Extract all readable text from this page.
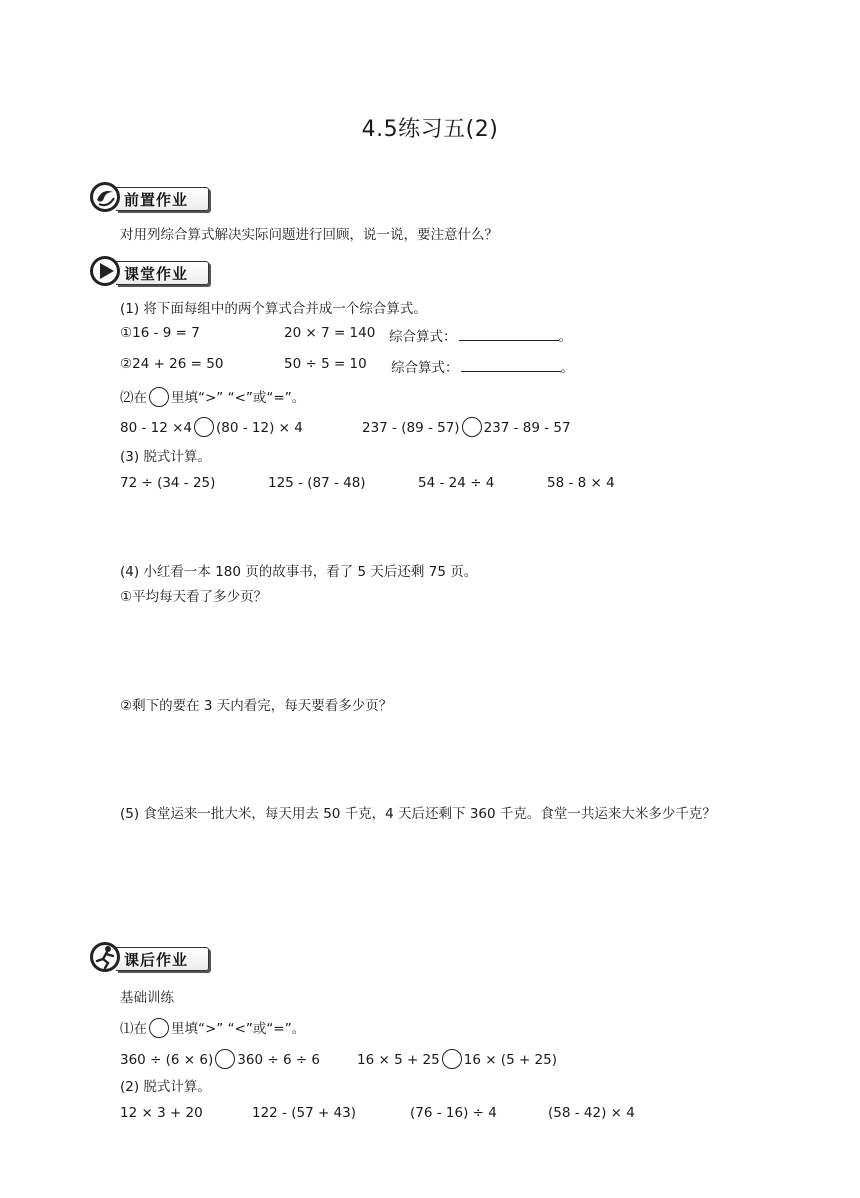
4.5练习五(2)
前置作业
对用列综合算式解决实际问题进行回顾，说一说，要注意什么？
课堂作业
(1) 将下面每组中的两个算式合并成一个综合算式。
①16 - 9 = 7	20 × 7 = 140 综合算式：	。
②24 + 26 = 50	50 ÷ 5 = 10 综合算式：	。
⑵在 里填“>” “<”或“=”。
80 - 12 ×4 (80 - 12) × 4	237 - (89 - 57) 237 - 89 - 57
(3) 脱式计算。
72 ÷ (34 - 25)	125 - (87 - 48)	54 - 24 ÷ 4	58 - 8 × 4
(4) 小红看一本 180 页的故事书，看了 5 天后还剩 75 页。
①平均每天看了多少页？
②剩下的要在 3 天内看完，每天要看多少页？
(5) 食堂运来一批大米，每天用去 50 千克，4 天后还剩下 360 千克。食堂一共运来大米多少千克？
课后作业
基础训练
⑴在 里填“>” “<”或“=”。
360 ÷ (6 × 6) 360 ÷ 6 ÷ 6	16 × 5 + 25 16 × (5 + 25)
(2) 脱式计算。
12 × 3 + 20	122 - (57 + 43)	(76 - 16) ÷ 4	(58 - 42) × 4
